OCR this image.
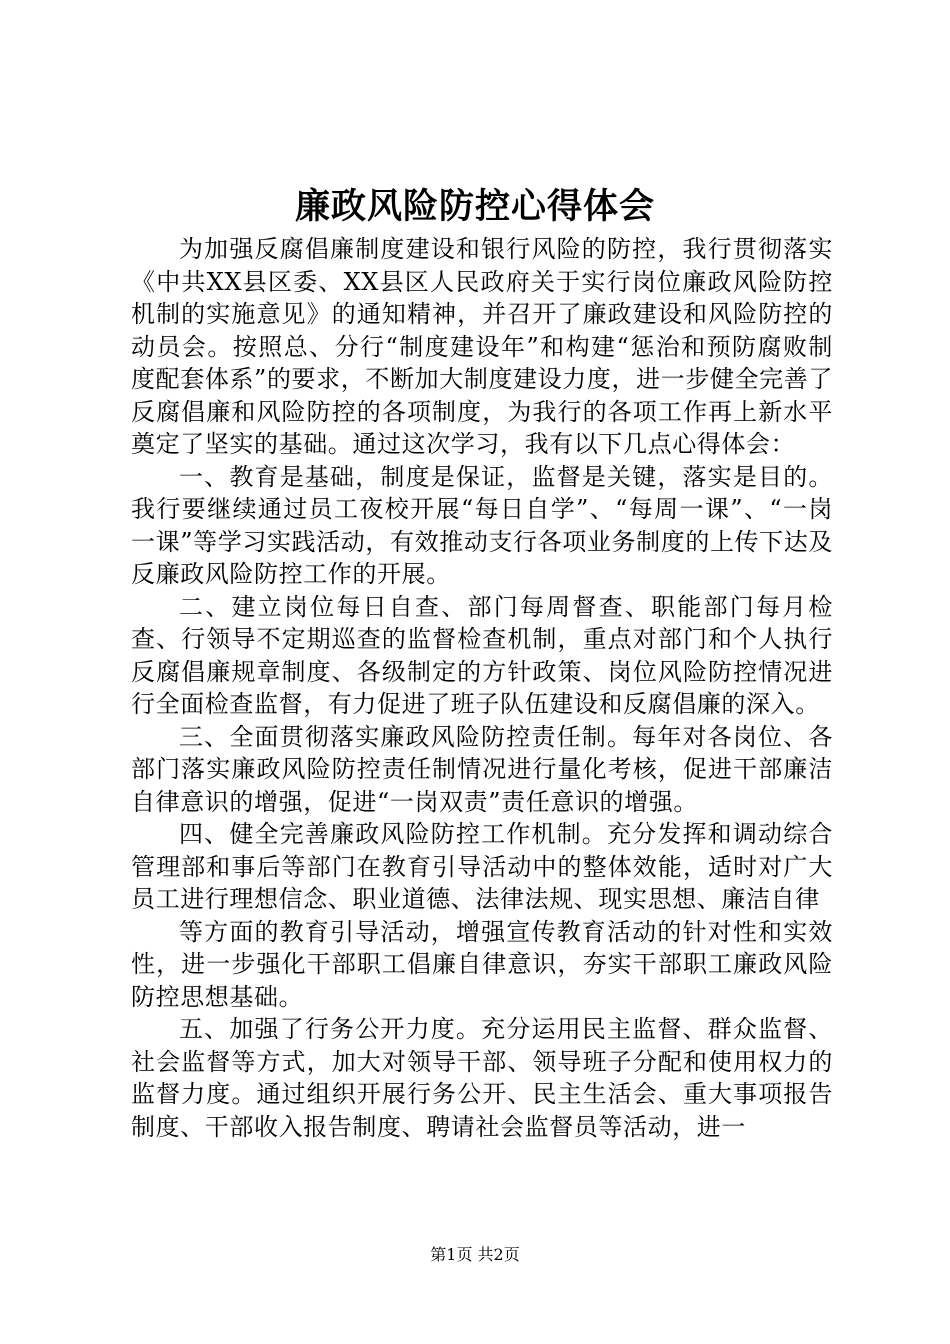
廉政风险防控心得体会

为加强反腐倡廉制度建设和银行风险的防控，我行贯彻落实《中共XX县区委、XX县区人民政府关于实行岗位廉政风险防控机制的实施意见》的通知精神，并召开了廉政建设和风险防控的动员会。按照总、分行“制度建设年”和构建“惩治和预防腐败制度配套体系”的要求，不断加大制度建设力度，进一步健全完善了反腐倡廉和风险防控的各项制度，为我行的各项工作再上新水平奠定了坚实的基础。通过这次学习，我有以下几点心得体会：

一、教育是基础，制度是保证，监督是关键，落实是目的。我行要继续通过员工夜校开展“每日自学”、“每周一课”、“一岗一课”等学习实践活动，有效推动支行各项业务制度的上传下达及反廉政风险防控工作的开展。

二、建立岗位每日自查、部门每周督查、职能部门每月检查、行领导不定期巡查的监督检查机制，重点对部门和个人执行反腐倡廉规章制度、各级制定的方针政策、岗位风险防控情况进行全面检查监督，有力促进了班子队伍建设和反腐倡廉的深入。

三、全面贯彻落实廉政风险防控责任制。每年对各岗位、各部门落实廉政风险防控责任制情况进行量化考核，促进干部廉洁自律意识的增强，促进“一岗双责”责任意识的增强。

四、健全完善廉政风险防控工作机制。充分发挥和调动综合管理部和事后等部门在教育引导活动中的整体效能，适时对广大员工进行理想信念、职业道德、法律法规、现实思想、廉洁自律

等方面的教育引导活动，增强宣传教育活动的针对性和实效性，进一步强化干部职工倡廉自律意识，夯实干部职工廉政风险防控思想基础。

五、加强了行务公开力度。充分运用民主监督、群众监督、社会监督等方式，加大对领导干部、领导班子分配和使用权力的监督力度。通过组织开展行务公开、民主生活会、重大事项报告制度、干部收入报告制度、聘请社会监督员等活动，进一

第1页 共2页
